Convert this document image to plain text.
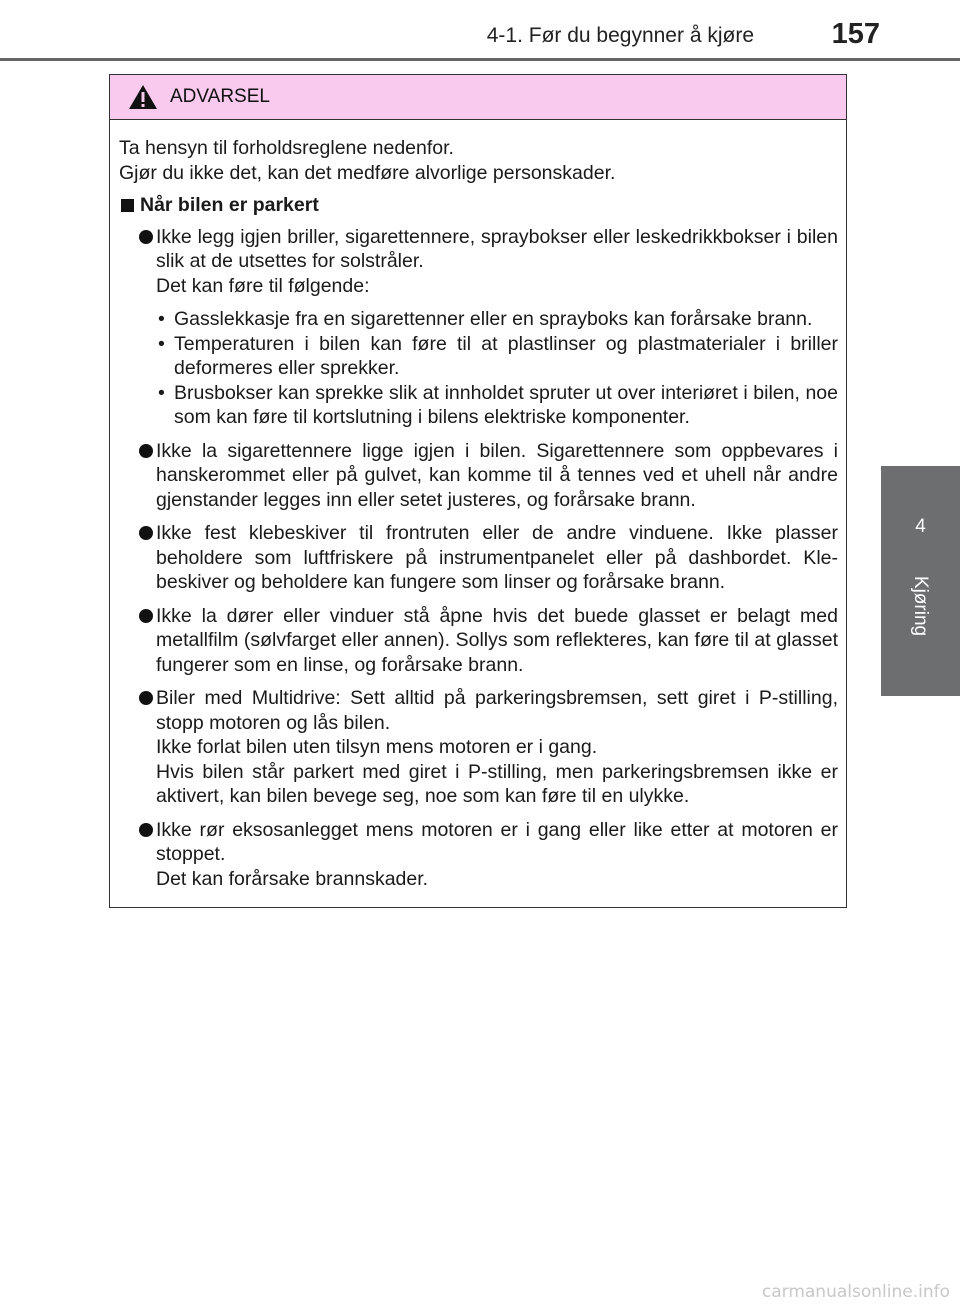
4-1. Før du begynner å kjøre	157
4
Kjøring
ADVARSEL
Ta hensyn til forholdsreglene nedenfor.
Gjør du ikke det, kan det medføre alvorlige personskader.
Når bilen er parkert

Ikke legg igjen briller, sigarettennere, spraybokser eller leskedrikkbokser i bilen slik at de utsettes for solstråler.

Det kan føre til følgende:

• Gasslekkasje fra en sigarettenner eller en sprayboks kan forårsake brann.
• Temperaturen i bilen kan føre til at plastlinser og plastmaterialer i briller deformeres eller sprekker.
• Brusbokser kan sprekke slik at innholdet spruter ut over interiøret i bilen, noe som kan føre til kortslutning i bilens elektriske komponenter.

Ikke la sigarettennere ligge igjen i bilen. Sigarettennere som oppbevares i hanskerommet eller på gulvet, kan komme til å tennes ved et uhell når andre gjenstander legges inn eller setet justeres, og forårsake brann.

Ikke fest klebeskiver til frontruten eller de andre vinduene. Ikke plasser beholdere som luftfriskere på instrumentpanelet eller på dashbordet. Kle-beskiver og beholdere kan fungere som linser og forårsake brann.

Ikke la dører eller vinduer stå åpne hvis det buede glasset er belagt med metallfilm (sølvfarget eller annen). Sollys som reflekteres, kan føre til at glasset fungerer som en linse, og forårsake brann.

Biler med Multidrive: Sett alltid på parkeringsbremsen, sett giret i P-stilling, stopp motoren og lås bilen.

Ikke forlat bilen uten tilsyn mens motoren er i gang.

Hvis bilen står parkert med giret i P-stilling, men parkeringsbremsen ikke er aktivert, kan bilen bevege seg, noe som kan føre til en ulykke.

Ikke rør eksosanlegget mens motoren er i gang eller like etter at motoren er stoppet.

Det kan forårsake brannskader.

carmanualsonline.info
